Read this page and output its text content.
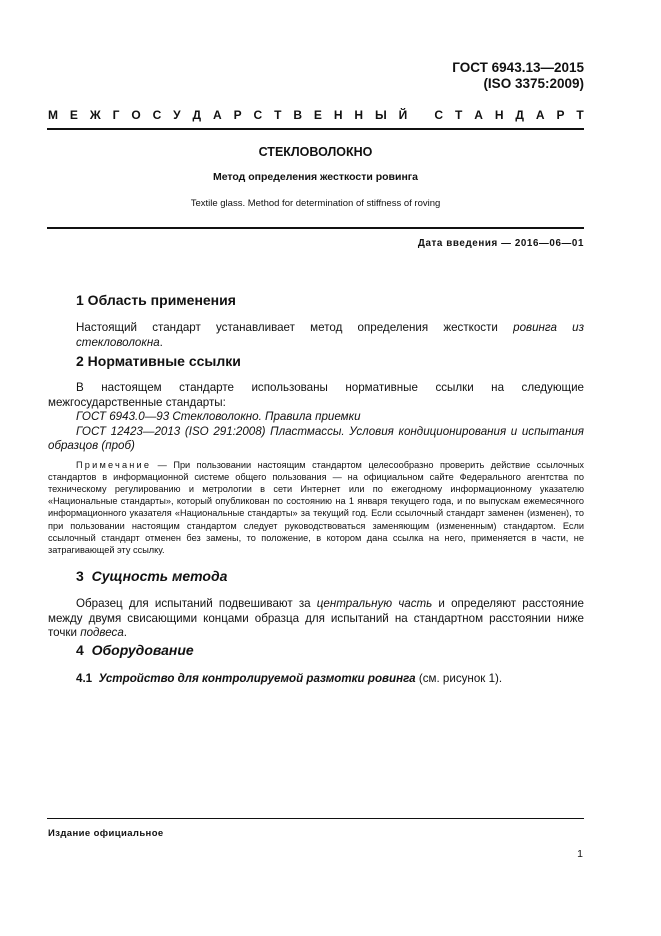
ГОСТ 6943.13—2015
(ISO 3375:2009)
М Е Ж Г О С У Д А Р С Т В Е Н Н Ы Й
С Т А Н Д А Р Т
СТЕКЛОВОЛОКНО
Метод определения жесткости ровинга
Textile glass. Method for determination of stiffness of roving
Дата введения — 2016—06—01
1 Область применения

Настоящий стандарт устанавливает метод определения жесткости ровинга из стекловолокна.

2 Нормативные ссылки

В настоящем стандарте использованы нормативные ссылки на следующие межгосударственные стандарты:

ГОСТ 6943.0—93 Стекловолокно. Правила приемки

ГОСТ 12423—2013 (ISO 291:2008) Пластмассы. Условия кондиционирования и испытания образцов (проб)

Примечание — При пользовании настоящим стандартом целесообразно проверить действие ссылочных стандартов в информационной системе общего пользования — на официальном сайте Федерального агентства по техническому регулированию и метрологии в сети Интернет или по ежегодному информационному указателю «Национальные стандарты», который опубликован по состоянию на 1 января текущего года, и по выпускам ежемесячного информационного указателя «Национальные стандарты» за текущий год. Если ссылочный стандарт заменен (изменен), то при пользовании настоящим стандартом следует руководствоваться заменяющим (измененным) стандартом. Если ссылочный стандарт отменен без замены, то положение, в котором дана ссылка на него, применяется в части, не затрагивающей эту ссылку.

3 Сущность метода

Образец для испытаний подвешивают за центральную часть и определяют расстояние между двумя свисающими концами образца для испытаний на стандартном расстоянии ниже точки подвеса.

4 Оборудование

4.1 Устройство для контролируемой размотки ровинга (см. рисунок 1).

Издание официальное
1
